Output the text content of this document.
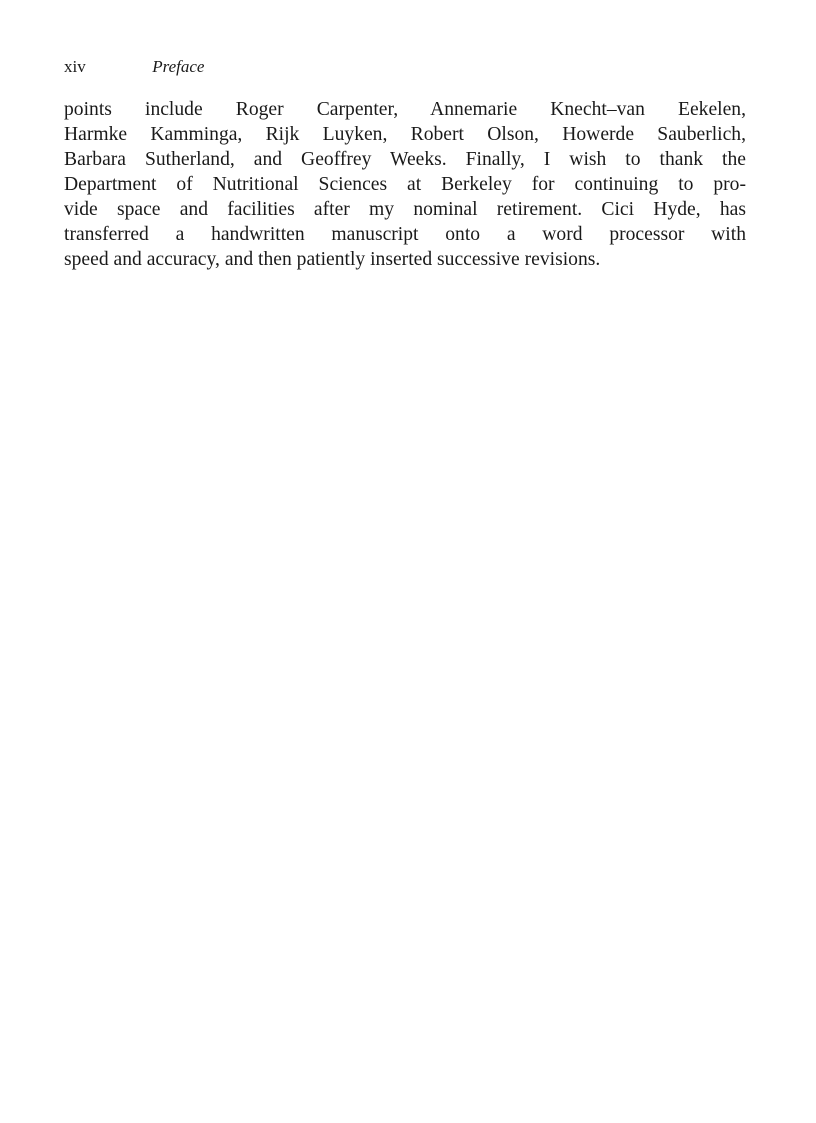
xiv	Preface
points include Roger Carpenter, Annemarie Knecht–van Eekelen,
Harmke Kamminga, Rijk Luyken, Robert Olson, Howerde Sauberlich,
Barbara Sutherland, and Geoffrey Weeks. Finally, I wish to thank the
Department of Nutritional Sciences at Berkeley for continuing to pro-
vide space and facilities after my nominal retirement. Cici Hyde, has
transferred a handwritten manuscript onto a word processor with
speed and accuracy, and then patiently inserted successive revisions.
